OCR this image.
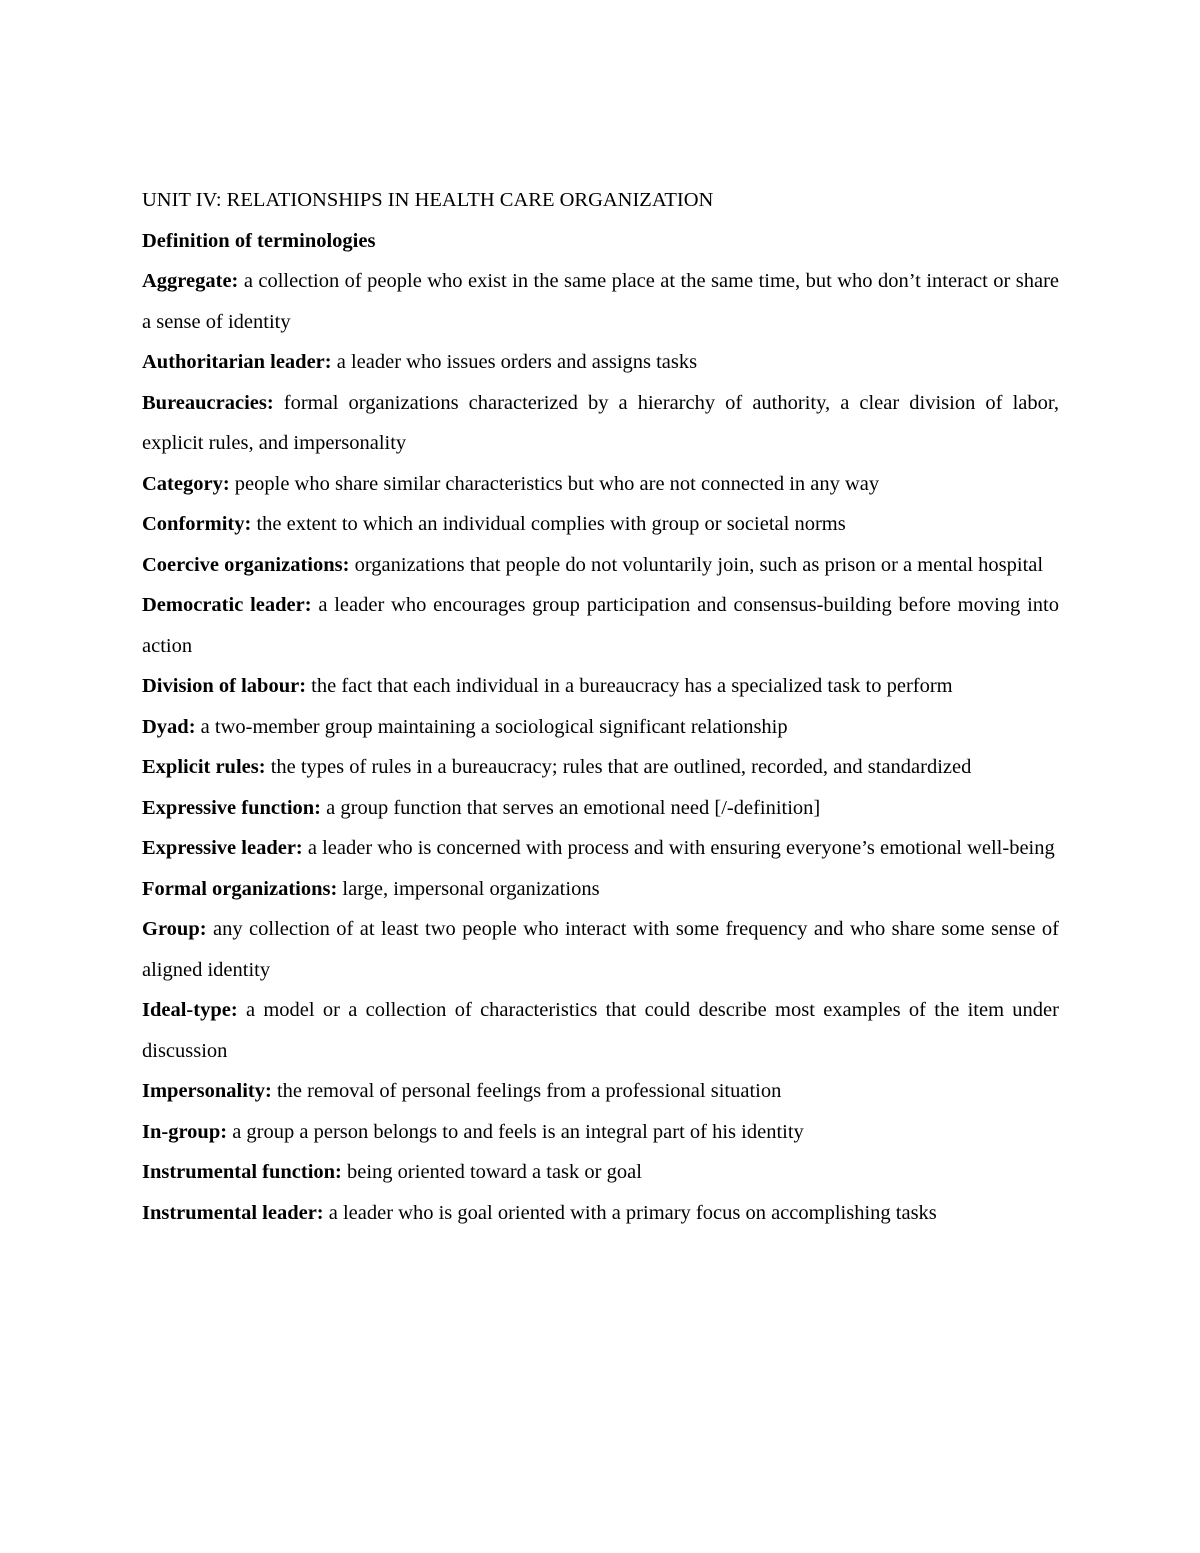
UNIT IV: RELATIONSHIPS IN HEALTH CARE ORGANIZATION
Definition of terminologies
Aggregate: a collection of people who exist in the same place at the same time, but who don’t interact or share a sense of identity
Authoritarian leader: a leader who issues orders and assigns tasks
Bureaucracies: formal organizations characterized by a hierarchy of authority, a clear division of labor, explicit rules, and impersonality
Category: people who share similar characteristics but who are not connected in any way
Conformity: the extent to which an individual complies with group or societal norms
Coercive organizations: organizations that people do not voluntarily join, such as prison or a mental hospital
Democratic leader: a leader who encourages group participation and consensus-building before moving into action
Division of labour: the fact that each individual in a bureaucracy has a specialized task to perform
Dyad: a two-member group maintaining a sociological significant relationship
Explicit rules: the types of rules in a bureaucracy; rules that are outlined, recorded, and standardized
Expressive function: a group function that serves an emotional need [/-definition]
Expressive leader: a leader who is concerned with process and with ensuring everyone’s emotional well-being
Formal organizations: large, impersonal organizations
Group: any collection of at least two people who interact with some frequency and who share some sense of aligned identity
Ideal-type: a model or a collection of characteristics that could describe most examples of the item under discussion
Impersonality: the removal of personal feelings from a professional situation
In-group: a group a person belongs to and feels is an integral part of his identity
Instrumental function: being oriented toward a task or goal
Instrumental leader: a leader who is goal oriented with a primary focus on accomplishing tasks
